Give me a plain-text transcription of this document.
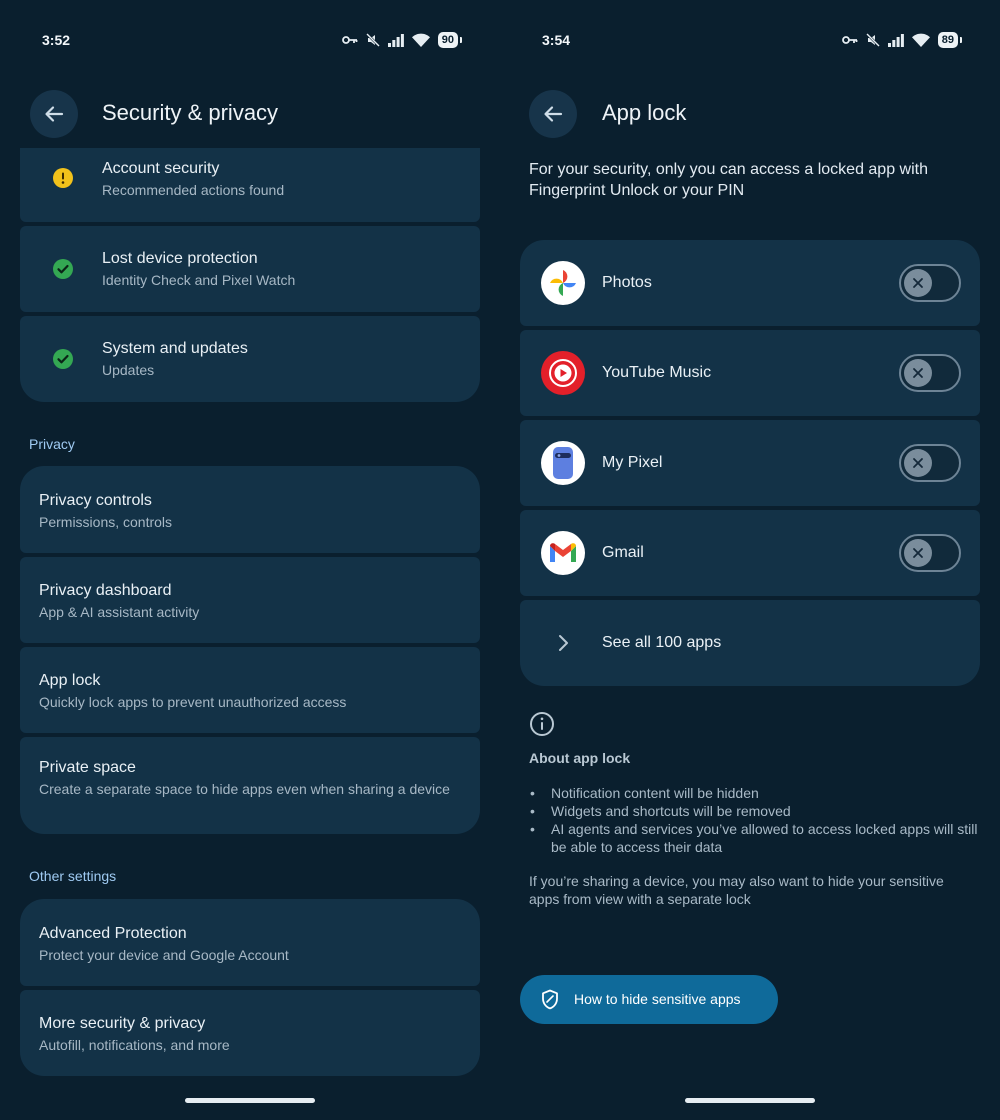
3:52	90
Security & privacy
Account security
Recommended actions found
Lost device protection
Identity Check and Pixel Watch
System and updates
Updates
Privacy
Privacy controls
Permissions, controls
Privacy dashboard
App & AI assistant activity
App lock
Quickly lock apps to prevent unauthorized access
Private space
Create a separate space to hide apps even when sharing a device
Other settings
Advanced Protection
Protect your device and Google Account
More security & privacy
Autofill, notifications, and more
3:54	89
App lock
For your security, only you can access a locked app with Fingerprint Unlock or your PIN
Photos
YouTube Music
My Pixel
Gmail
See all 100 apps
About app lock
• Notification content will be hidden
• Widgets and shortcuts will be removed
• AI agents and services you’ve allowed to access locked apps will still be able to access their data
If you’re sharing a device, you may also want to hide your sensitive apps from view with a separate lock
How to hide sensitive apps
